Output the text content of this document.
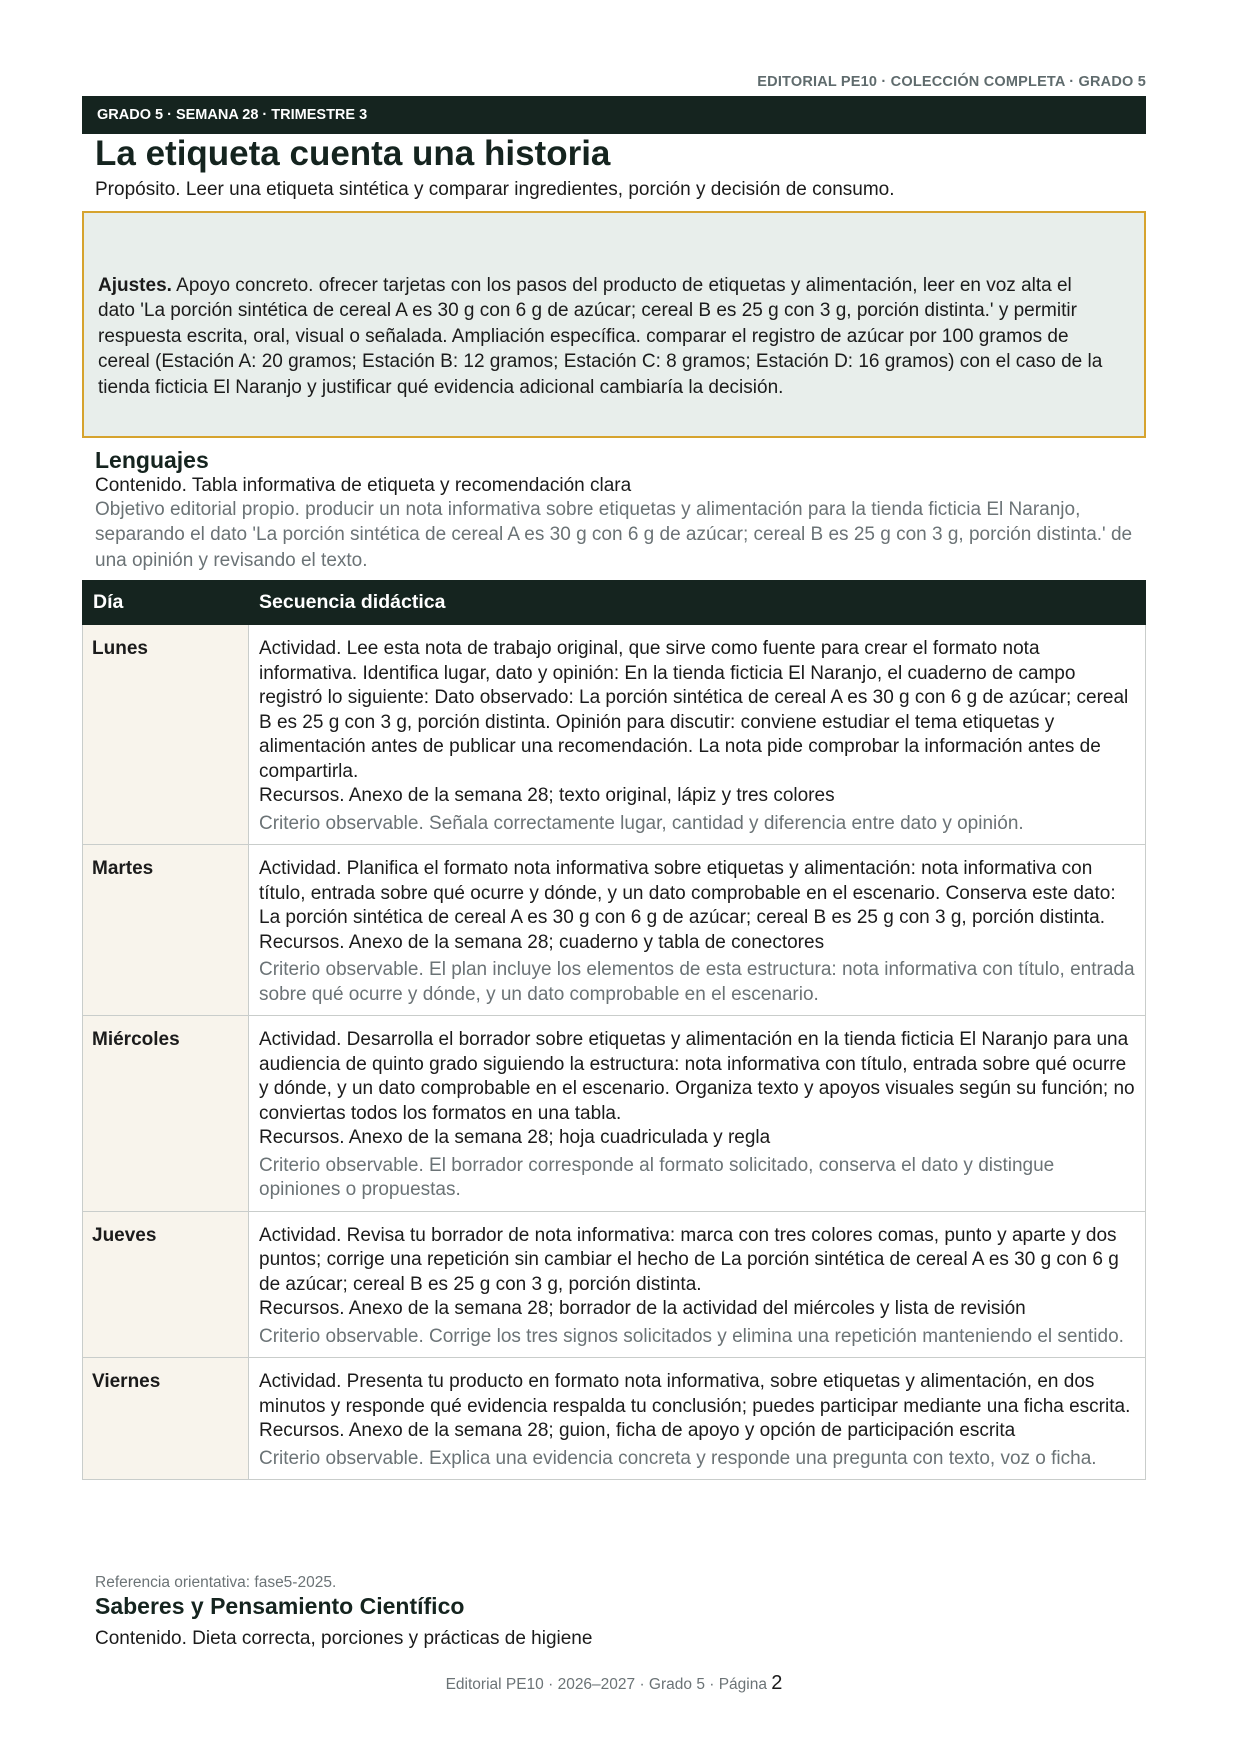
EDITORIAL PE10 · COLECCIÓN COMPLETA · GRADO 5
GRADO 5 · SEMANA 28 · TRIMESTRE 3
La etiqueta cuenta una historia
Propósito. Leer una etiqueta sintética y comparar ingredientes, porción y decisión de consumo.
Ajustes. Apoyo concreto. ofrecer tarjetas con los pasos del producto de etiquetas y alimentación, leer en voz alta el dato 'La porción sintética de cereal A es 30 g con 6 g de azúcar; cereal B es 25 g con 3 g, porción distinta.' y permitir respuesta escrita, oral, visual o señalada. Ampliación específica. comparar el registro de azúcar por 100 gramos de cereal (Estación A: 20 gramos; Estación B: 12 gramos; Estación C: 8 gramos; Estación D: 16 gramos) con el caso de la tienda ficticia El Naranjo y justificar qué evidencia adicional cambiaría la decisión.
Lenguajes
Contenido. Tabla informativa de etiqueta y recomendación clara
Objetivo editorial propio. producir un nota informativa sobre etiquetas y alimentación para la tienda ficticia El Naranjo, separando el dato 'La porción sintética de cereal A es 30 g con 6 g de azúcar; cereal B es 25 g con 3 g, porción distinta.' de una opinión y revisando el texto.
Día	Secuencia didáctica
Lunes	Actividad. Lee esta nota de trabajo original, que sirve como fuente para crear el formato nota informativa. Identifica lugar, dato y opinión: En la tienda ficticia El Naranjo, el cuaderno de campo registró lo siguiente: Dato observado: La porción sintética de cereal A es 30 g con 6 g de azúcar; cereal B es 25 g con 3 g, porción distinta. Opinión para discutir: conviene estudiar el tema etiquetas y alimentación antes de publicar una recomendación. La nota pide comprobar la información antes de compartirla.
Recursos. Anexo de la semana 28; texto original, lápiz y tres colores
Criterio observable. Señala correctamente lugar, cantidad y diferencia entre dato y opinión.

Martes	Actividad. Planifica el formato nota informativa sobre etiquetas y alimentación: nota informativa con título, entrada sobre qué ocurre y dónde, y un dato comprobable en el escenario. Conserva este dato: La porción sintética de cereal A es 30 g con 6 g de azúcar; cereal B es 25 g con 3 g, porción distinta.
Recursos. Anexo de la semana 28; cuaderno y tabla de conectores
Criterio observable. El plan incluye los elementos de esta estructura: nota informativa con título, entrada sobre qué ocurre y dónde, y un dato comprobable en el escenario.

Miércoles	Actividad. Desarrolla el borrador sobre etiquetas y alimentación en la tienda ficticia El Naranjo para una audiencia de quinto grado siguiendo la estructura: nota informativa con título, entrada sobre qué ocurre y dónde, y un dato comprobable en el escenario. Organiza texto y apoyos visuales según su función; no conviertas todos los formatos en una tabla.
Recursos. Anexo de la semana 28; hoja cuadriculada y regla
Criterio observable. El borrador corresponde al formato solicitado, conserva el dato y distingue opiniones o propuestas.

Jueves	Actividad. Revisa tu borrador de nota informativa: marca con tres colores comas, punto y aparte y dos puntos; corrige una repetición sin cambiar el hecho de La porción sintética de cereal A es 30 g con 6 g de azúcar; cereal B es 25 g con 3 g, porción distinta.
Recursos. Anexo de la semana 28; borrador de la actividad del miércoles y lista de revisión
Criterio observable. Corrige los tres signos solicitados y elimina una repetición manteniendo el sentido.

Viernes	Actividad. Presenta tu producto en formato nota informativa, sobre etiquetas y alimentación, en dos minutos y responde qué evidencia respalda tu conclusión; puedes participar mediante una ficha escrita.
Recursos. Anexo de la semana 28; guion, ficha de apoyo y opción de participación escrita
Criterio observable. Explica una evidencia concreta y responde una pregunta con texto, voz o ficha.
Referencia orientativa: fase5-2025.
Saberes y Pensamiento Científico
Contenido. Dieta correcta, porciones y prácticas de higiene
Editorial PE10 · 2026–2027 · Grado 5 · Página 2
